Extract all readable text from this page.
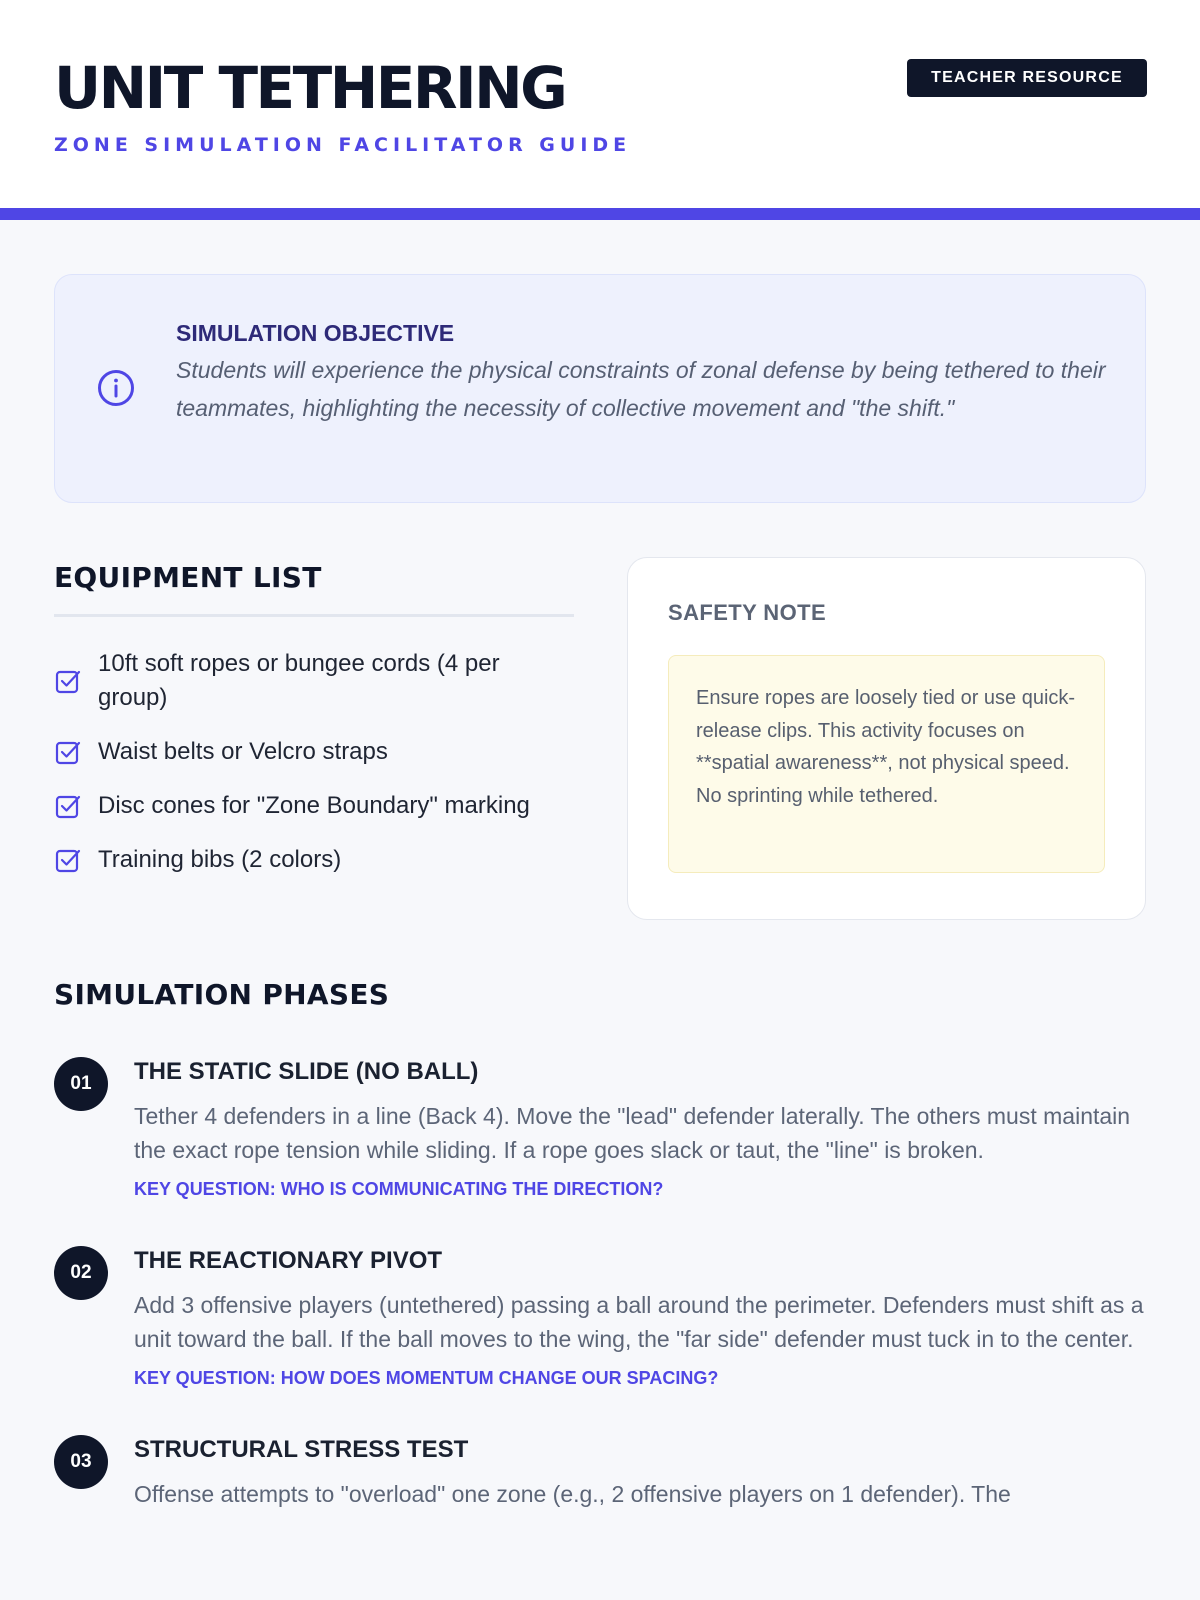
UNIT TETHERING
ZONE SIMULATION FACILITATOR GUIDE
TEACHER RESOURCE
SIMULATION OBJECTIVE
Students will experience the physical constraints of zonal defense by being tethered to their teammates, highlighting the necessity of collective movement and "the shift."
EQUIPMENT LIST
10ft soft ropes or bungee cords (4 per group)
Waist belts or Velcro straps
Disc cones for "Zone Boundary" marking
Training bibs (2 colors)
SAFETY NOTE
Ensure ropes are loosely tied or use quick-release clips. This activity focuses on **spatial awareness**, not physical speed. No sprinting while tethered.
SIMULATION PHASES
01	THE STATIC SLIDE (NO BALL)
Tether 4 defenders in a line (Back 4). Move the "lead" defender laterally. The others must maintain the exact rope tension while sliding. If a rope goes slack or taut, the "line" is broken.
KEY QUESTION: WHO IS COMMUNICATING THE DIRECTION?
02	THE REACTIONARY PIVOT
Add 3 offensive players (untethered) passing a ball around the perimeter. Defenders must shift as a unit toward the ball. If the ball moves to the wing, the "far side" defender must tuck in to the center.
KEY QUESTION: HOW DOES MOMENTUM CHANGE OUR SPACING?
03	STRUCTURAL STRESS TEST
Offense attempts to "overload" one zone (e.g., 2 offensive players on 1 defender). The
